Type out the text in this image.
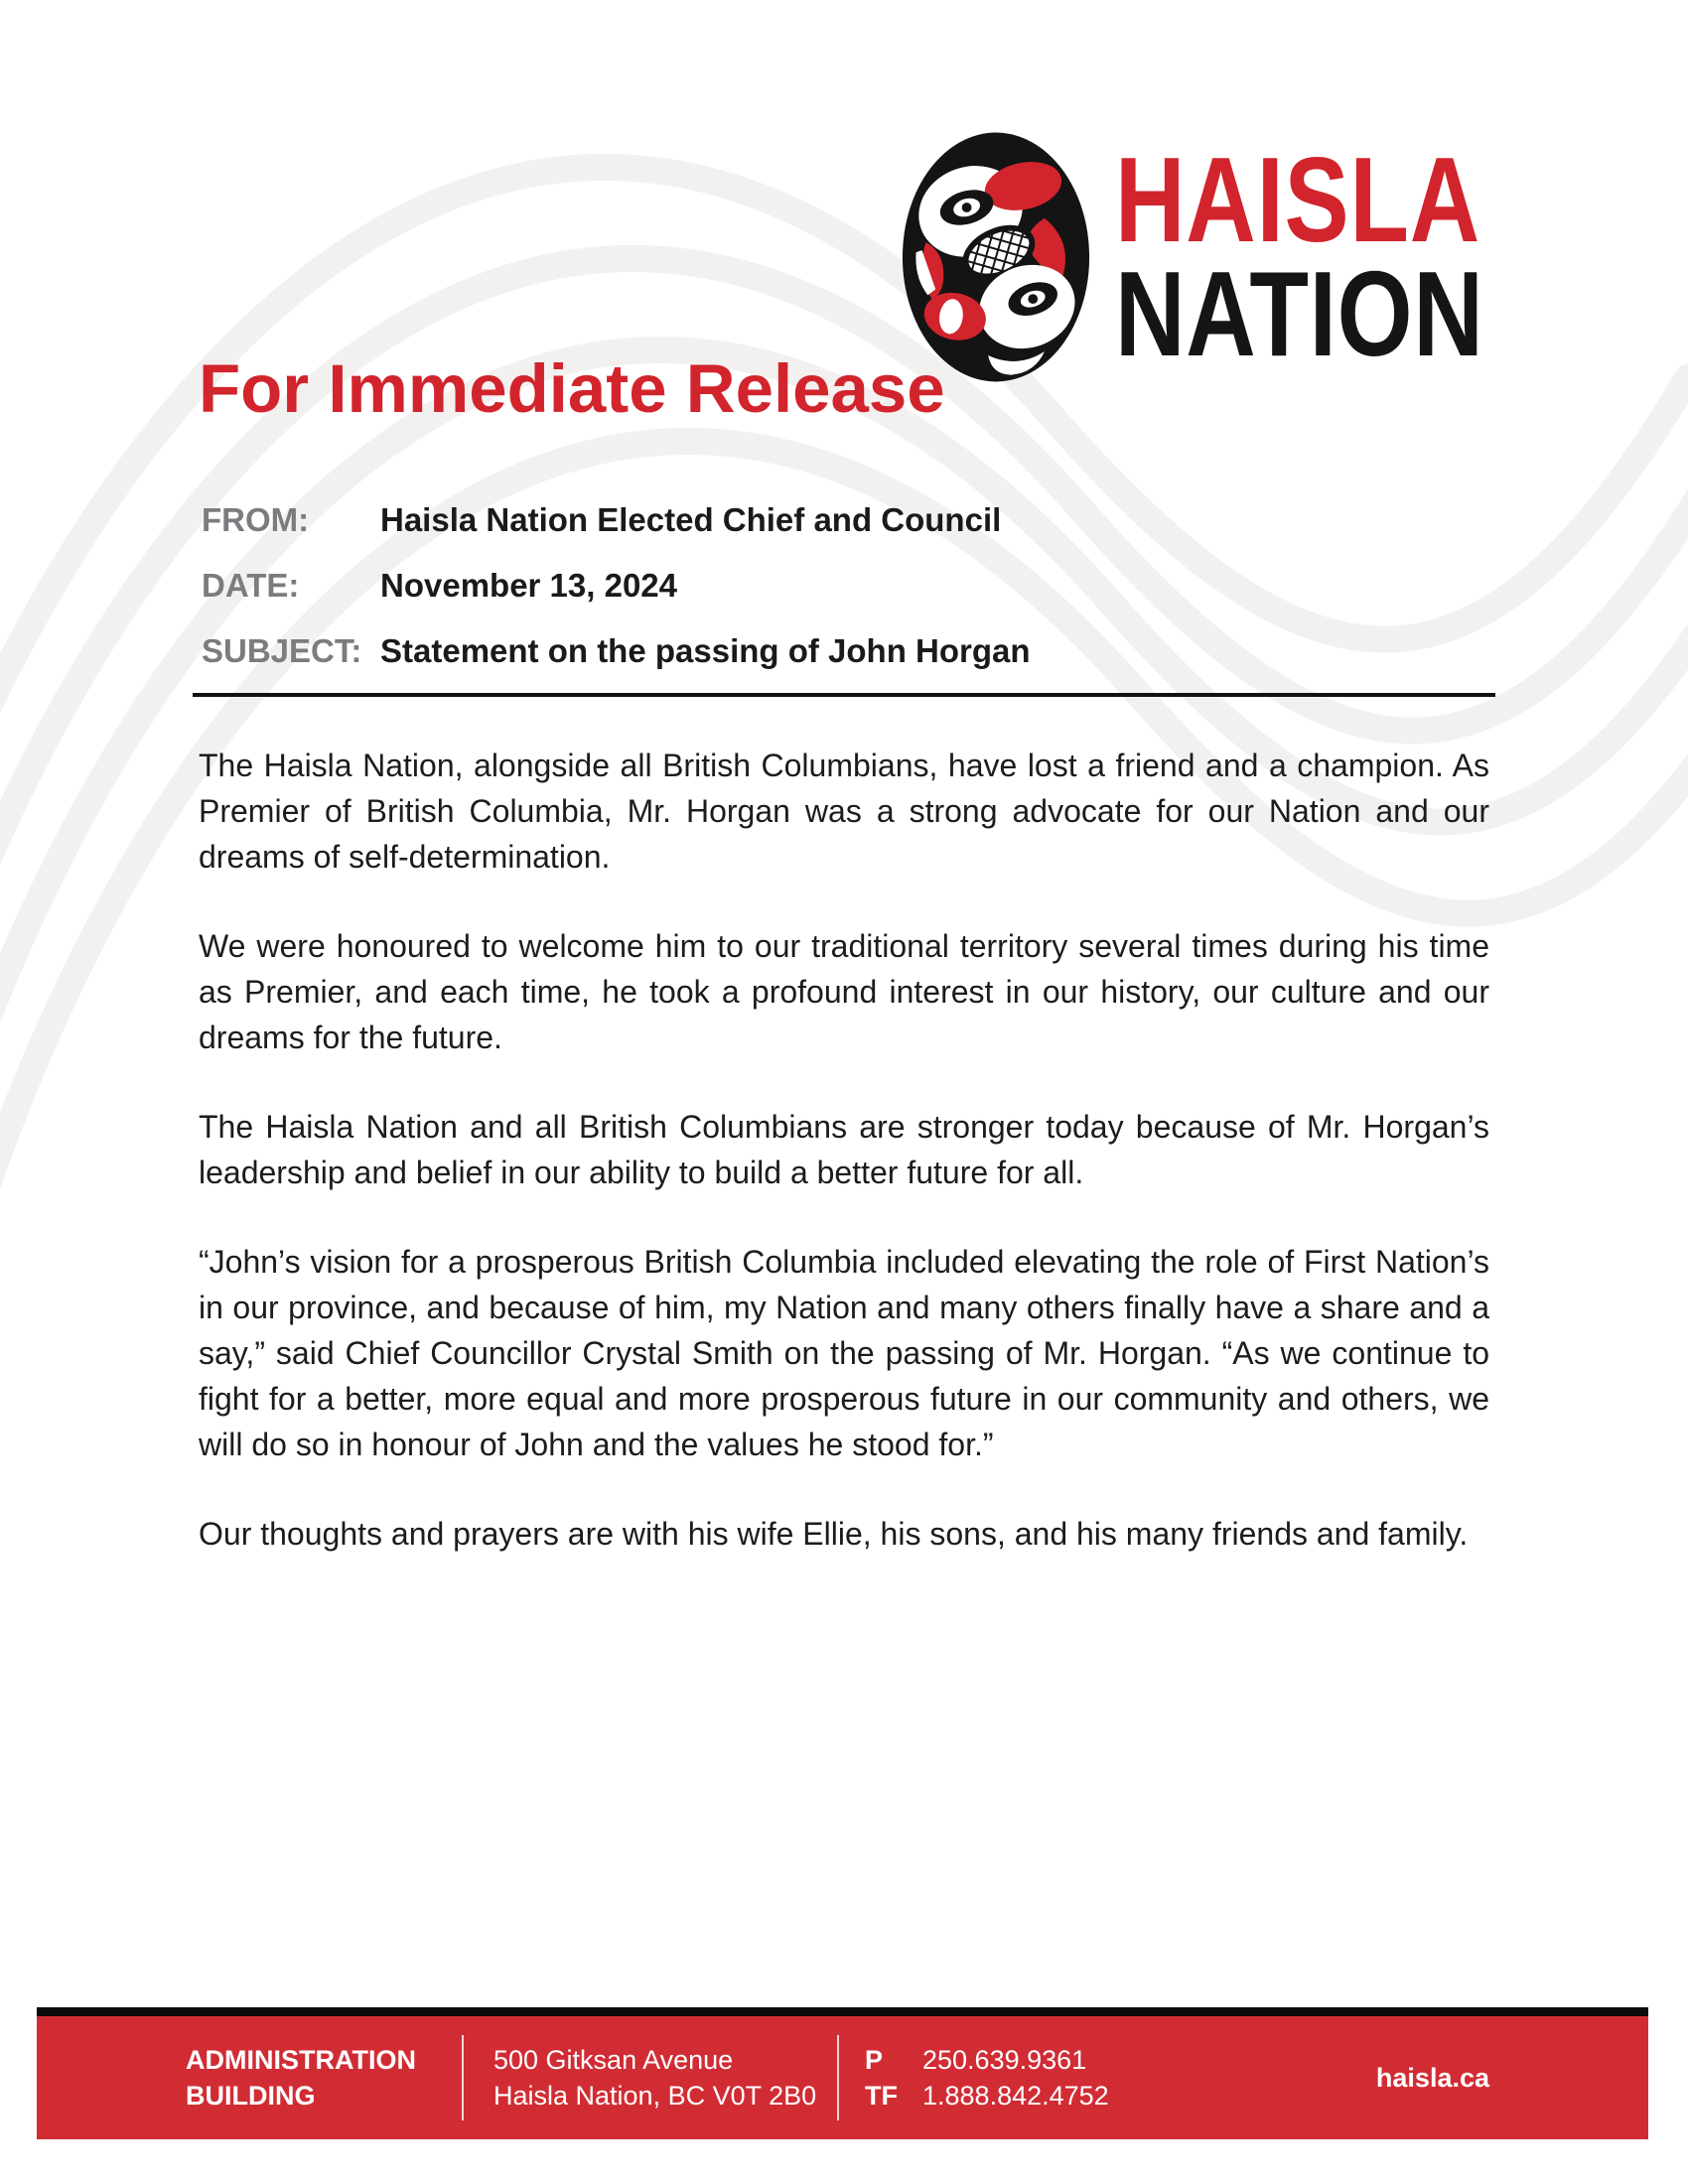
HAISLA
NATION
For Immediate Release
FROM:	Haisla Nation Elected Chief and Council
DATE:	November 13, 2024
SUBJECT: Statement on the passing of John Horgan

The Haisla Nation, alongside all British Columbians, have lost a friend and a champion. As Premier of British Columbia, Mr. Horgan was a strong advocate for our Nation and our dreams of self-determination.

We were honoured to welcome him to our traditional territory several times during his time as Premier, and each time, he took a profound interest in our history, our culture and our dreams for the future.

The Haisla Nation and all British Columbians are stronger today because of Mr. Horgan’s leadership and belief in our ability to build a better future for all.

“John’s vision for a prosperous British Columbia included elevating the role of First Nation’s in our province, and because of him, my Nation and many others finally have a share and a say,” said Chief Councillor Crystal Smith on the passing of Mr. Horgan. “As we continue to fight for a better, more equal and more prosperous future in our community and others, we will do so in honour of John and the values he stood for.”

Our thoughts and prayers are with his wife Ellie, his sons, and his many friends and family.

ADMINISTRATION
BUILDING
500 Gitksan Avenue
Haisla Nation, BC V0T 2B0
P 250.639.9361
TF 1.888.842.4752
haisla.ca
